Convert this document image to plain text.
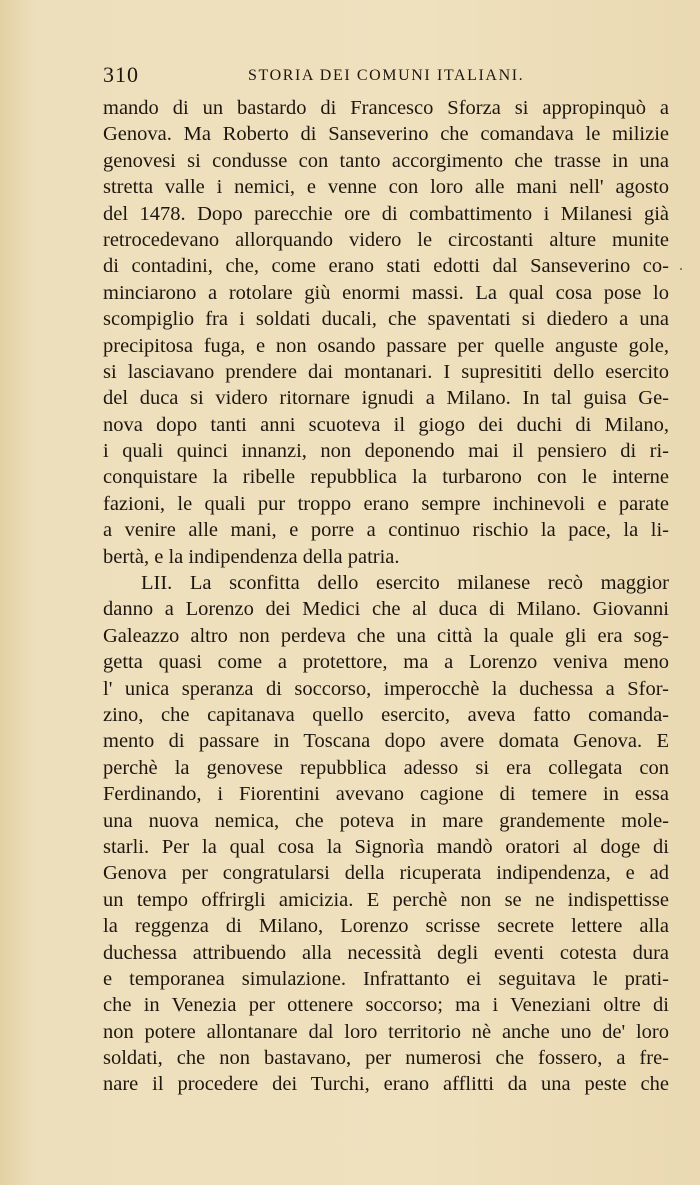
310	STORIA DEI COMUNI ITALIANI.
mando di un bastardo di Francesco Sforza si appropinquò a
Genova. Ma Roberto di Sanseverino che comandava le milizie
genovesi si condusse con tanto accorgimento che trasse in una
stretta valle i nemici, e venne con loro alle mani nell' agosto
del 1478. Dopo parecchie ore di combattimento i Milanesi già
retrocedevano allorquando videro le circostanti alture munite
di contadini, che, come erano stati edotti dal Sanseverino co-
minciarono a rotolare giù enormi massi. La qual cosa pose lo
scompiglio fra i soldati ducali, che spaventati si diedero a una
precipitosa fuga, e non osando passare per quelle anguste gole,
si lasciavano prendere dai montanari. I supresititi dello esercito
del duca si videro ritornare ignudi a Milano. In tal guisa Ge-
nova dopo tanti anni scuoteva il giogo dei duchi di Milano,
i quali quinci innanzi, non deponendo mai il pensiero di ri-
conquistare la ribelle repubblica la turbarono con le interne
fazioni, le quali pur troppo erano sempre inchinevoli e parate
a venire alle mani, e porre a continuo rischio la pace, la li-
bertà, e la indipendenza della patria.
LII. La sconfitta dello esercito milanese recò maggior
danno a Lorenzo dei Medici che al duca di Milano. Giovanni
Galeazzo altro non perdeva che una città la quale gli era sog-
getta quasi come a protettore, ma a Lorenzo veniva meno
l' unica speranza di soccorso, imperocchè la duchessa a Sfor-
zino, che capitanava quello esercito, aveva fatto comanda-
mento di passare in Toscana dopo avere domata Genova. E
perchè la genovese repubblica adesso si era collegata con
Ferdinando, i Fiorentini avevano cagione di temere in essa
una nuova nemica, che poteva in mare grandemente mole-
starli. Per la qual cosa la Signorìa mandò oratori al doge di
Genova per congratularsi della ricuperata indipendenza, e ad
un tempo offrirgli amicizia. E perchè non se ne indispettisse
la reggenza di Milano, Lorenzo scrisse secrete lettere alla
duchessa attribuendo alla necessità degli eventi cotesta dura
e temporanea simulazione. Infrattanto ei seguitava le prati-
che in Venezia per ottenere soccorso; ma i Veneziani oltre di
non potere allontanare dal loro territorio nè anche uno de' loro
soldati, che non bastavano, per numerosi che fossero, a fre-
nare il procedere dei Turchi, erano afflitti da una peste che
